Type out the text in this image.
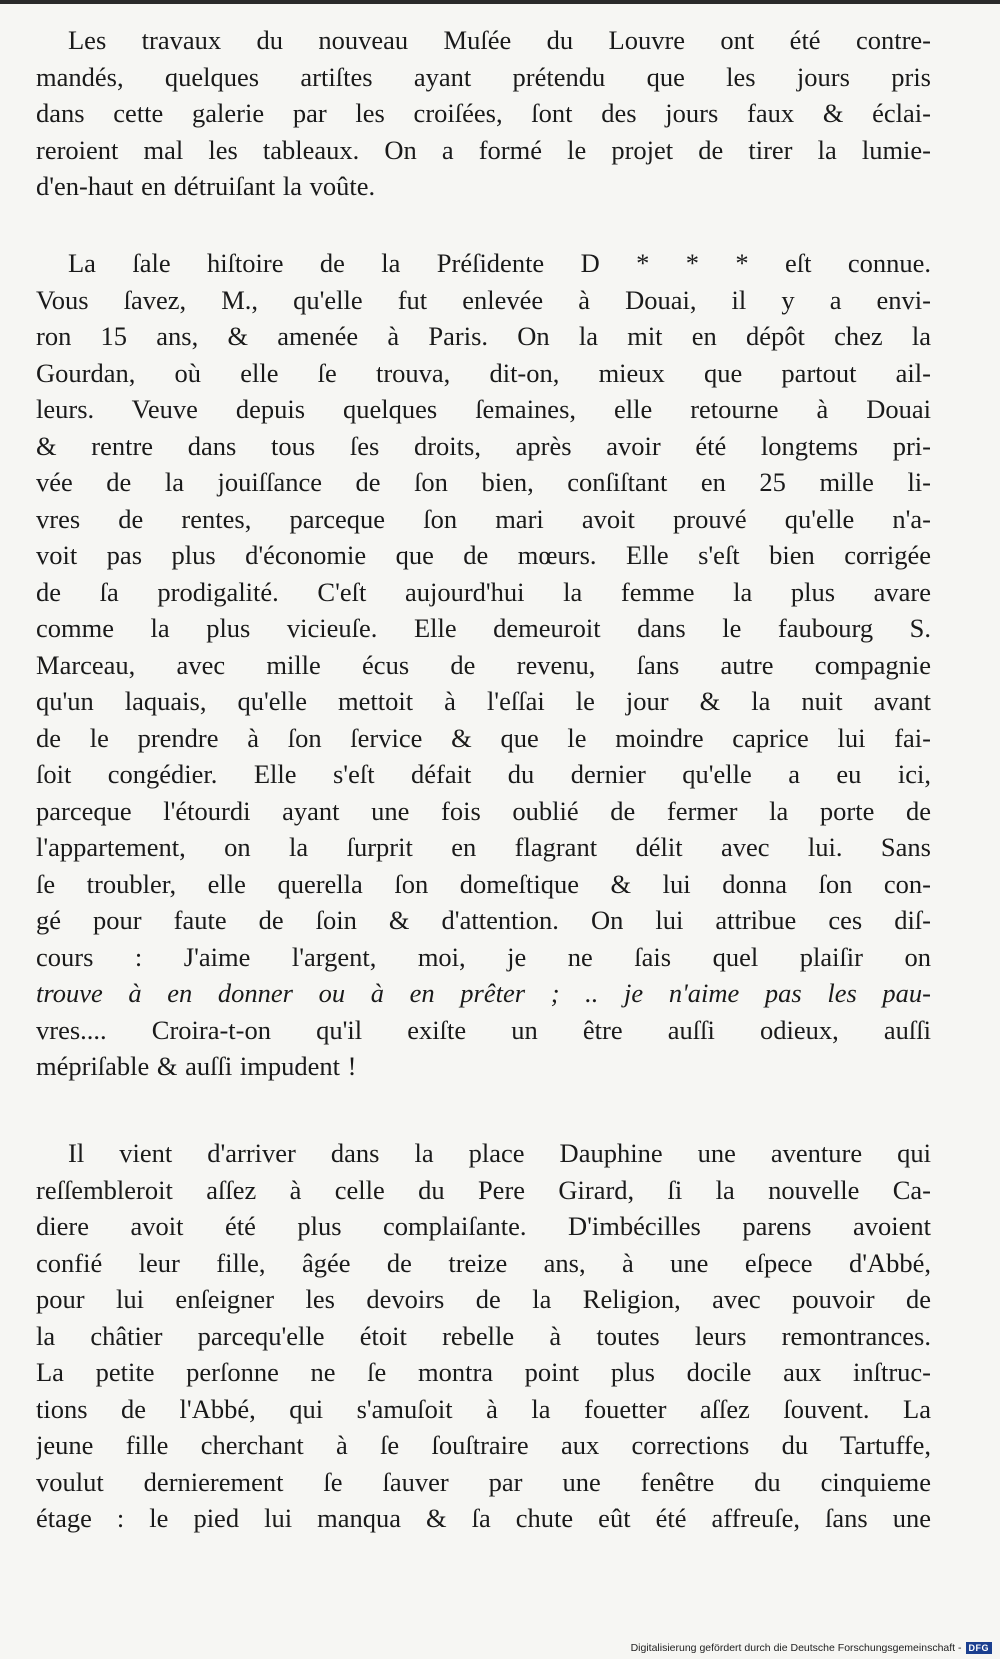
Les travaux du nouveau Muſée du Louvre ont été contre-
mandés, quelques artiſtes ayant prétendu que les jours pris
dans cette galerie par les croiſées, ſont des jours faux & éclai-
reroient mal les tableaux. On a formé le projet de tirer la lumie-
d'en-haut en détruiſant la voûte.
La ſale hiſtoire de la Préſidente D * * * eſt connue.
Vous ſavez, M., qu'elle fut enlevée à Douai, il y a envi-
ron 15 ans, & amenée à Paris. On la mit en dépôt chez la
Gourdan, où elle ſe trouva, dit-on, mieux que partout ail-
leurs. Veuve depuis quelques ſemaines, elle retourne à Douai
& rentre dans tous ſes droits, après avoir été longtems pri-
vée de la jouiſſance de ſon bien, conſiſtant en 25 mille li-
vres de rentes, parceque ſon mari avoit prouvé qu'elle n'a-
voit pas plus d'économie que de mœurs. Elle s'eſt bien corrigée
de ſa prodigalité. C'eſt aujourd'hui la femme la plus avare
comme la plus vicieuſe. Elle demeuroit dans le faubourg S.
Marceau, avec mille écus de revenu, ſans autre compagnie
qu'un laquais, qu'elle mettoit à l'eſſai le jour & la nuit avant
de le prendre à ſon ſervice & que le moindre caprice lui fai-
ſoit congédier. Elle s'eſt défait du dernier qu'elle a eu ici,
parceque l'étourdi ayant une fois oublié de fermer la porte de
l'appartement, on la ſurprit en flagrant délit avec lui. Sans
ſe troubler, elle querella ſon domeſtique & lui donna ſon con-
gé pour faute de ſoin & d'attention. On lui attribue ces diſ-
cours : J'aime l'argent, moi, je ne ſais quel plaiſir on
trouve à en donner ou à en prêter ; .. je n'aime pas les pau-
vres.... Croira-t-on qu'il exiſte un être auſſi odieux, auſſi
mépriſable & auſſi impudent !
Il vient d'arriver dans la place Dauphine une aventure qui
reſſembleroit aſſez à celle du Pere Girard, ſi la nouvelle Ca-
diere avoit été plus complaiſante. D'imbécilles parens avoient
confié leur fille, âgée de treize ans, à une eſpece d'Abbé,
pour lui enſeigner les devoirs de la Religion, avec pouvoir de
la châtier parcequ'elle étoit rebelle à toutes leurs remontrances.
La petite perſonne ne ſe montra point plus docile aux inſtruc-
tions de l'Abbé, qui s'amuſoit à la fouetter aſſez ſouvent. La
jeune fille cherchant à ſe ſouſtraire aux corrections du Tartuffe,
voulut dernierement ſe ſauver par une fenêtre du cinquieme
étage : le pied lui manqua & ſa chute eût été affreuſe, ſans une
Digitalisierung gefördert durch die Deutsche Forschungsgemeinschaft - DFG
